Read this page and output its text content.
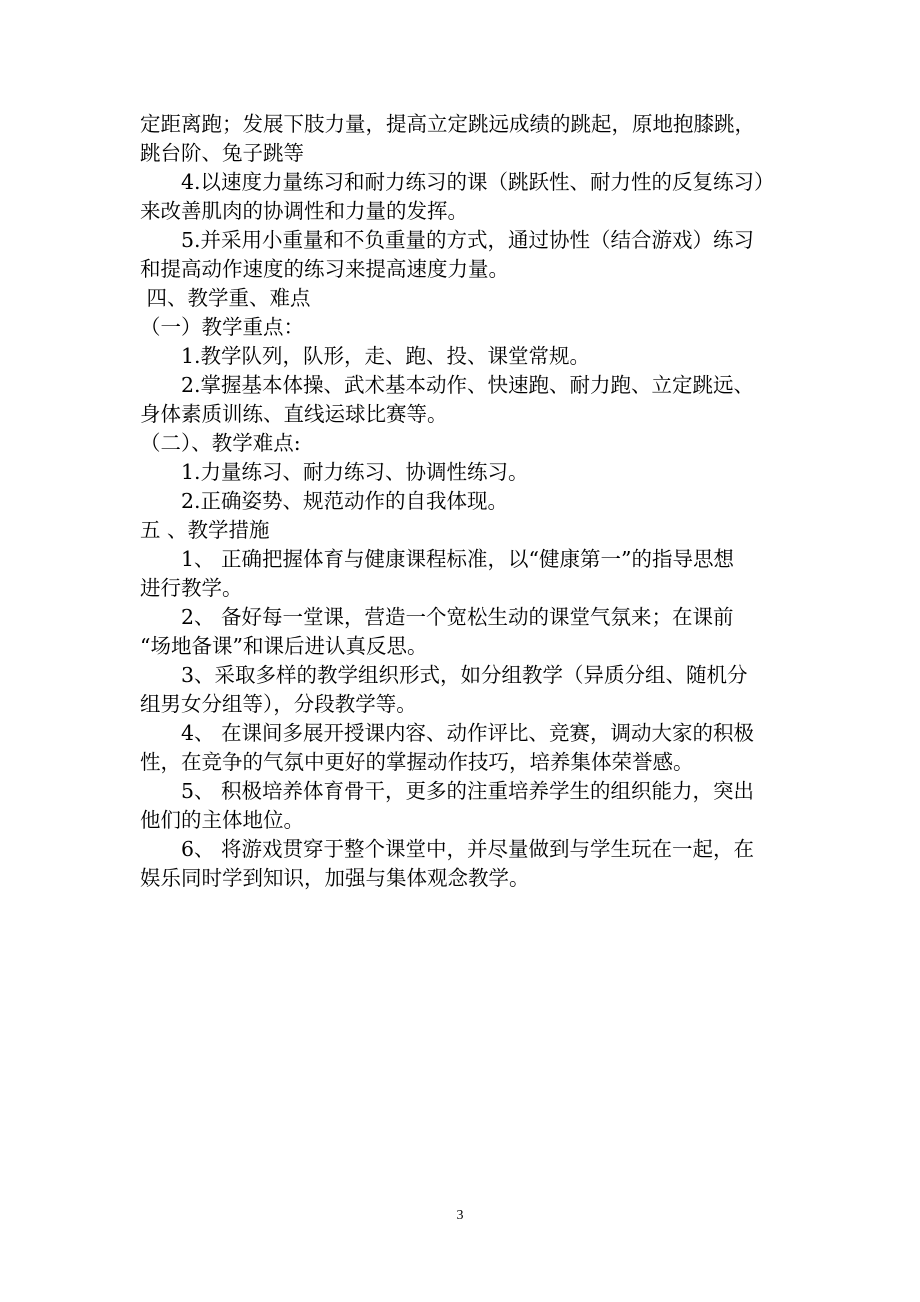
定距离跑；发展下肢力量，提高立定跳远成绩的跳起，原地抱膝跳，

跳台阶、兔子跳等

4.以速度力量练习和耐力练习的课（跳跃性、耐力性的反复练习）

来改善肌肉的协调性和力量的发挥。

5.并采用小重量和不负重量的方式，通过协性（结合游戏）练习

和提高动作速度的练习来提高速度力量。

四、教学重、难点

（一）教学重点：

1.教学队列，队形，走、跑、投、课堂常规。

2.掌握基本体操、武术基本动作、快速跑、耐力跑、立定跳远、

身体素质训练、直线运球比赛等。

（二）、教学难点:

1.力量练习、耐力练习、协调性练习。

2.正确姿势、规范动作的自我体现。

五 、教学措施

1、 正确把握体育与健康课程标准，以“健康第一”的指导思想

进行教学。

2、 备好每一堂课，营造一个宽松生动的课堂气氛来；在课前

“场地备课”和课后进认真反思。

3、采取多样的教学组织形式，如分组教学（异质分组、随机分

组男女分组等），分段教学等。

4、 在课间多展开授课内容、动作评比、竞赛，调动大家的积极

性，在竞争的气氛中更好的掌握动作技巧，培养集体荣誉感。

5、 积极培养体育骨干，更多的注重培养学生的组织能力，突出

他们的主体地位。

6、 将游戏贯穿于整个课堂中，并尽量做到与学生玩在一起，在

娱乐同时学到知识，加强与集体观念教学。

3
